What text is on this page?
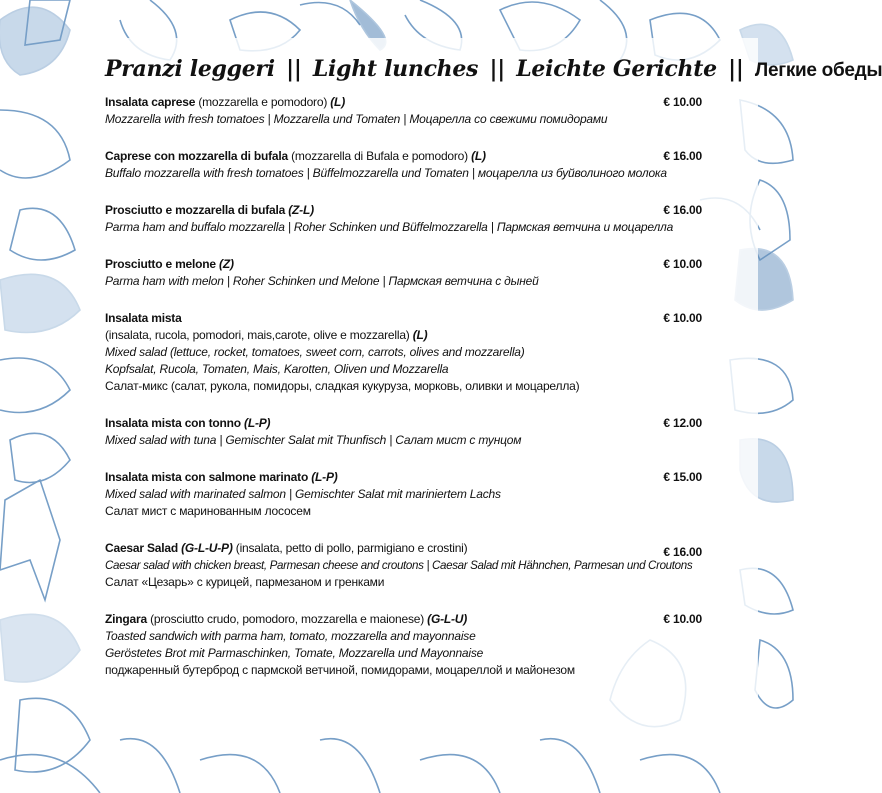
Pranzi leggeri || Light lunches || Leichte Gerichte || Легкие обеды
Insalata caprese (mozzarella e pomodoro) (L)	€ 10.00
Mozzarella with fresh tomatoes | Mozzarella und Tomaten | Моцарелла со свежими помидорами
Caprese con mozzarella di bufala (mozzarella di Bufala e pomodoro) (L)	€ 16.00
Buffalo mozzarella with fresh tomatoes | Büffelmozzarella und Tomaten | моцарелла из буйволиного молока
Prosciutto e mozzarella di bufala (Z-L)	€ 16.00
Parma ham and buffalo mozzarella | Roher Schinken und Büffelmozzarella | Пармская ветчина и моцарелла
Prosciutto e melone (Z)	€ 10.00
Parma ham with melon | Roher Schinken und Melone | Пармская ветчина с дыней
Insalata mista	€ 10.00
(insalata, rucola, pomodori, mais,carote, olive e mozzarella) (L)
Mixed salad (lettuce, rocket, tomatoes, sweet corn, carrots, olives and mozzarella)
Kopfsalat, Rucola, Tomaten, Mais, Karotten, Oliven und Mozzarella
Салат-микс (салат, рукола, помидоры, сладкая кукуруза, морковь, оливки и моцарелла)
Insalata mista con tonno (L-P)	€ 12.00
Mixed salad with tuna | Gemischter Salat mit Thunfisch | Салат мист с тунцом
Insalata mista con salmone marinato (L-P)	€ 15.00
Mixed salad with marinated salmon | Gemischter Salat mit mariniertem Lachs
Салат мист с маринованным лососем
Caesar Salad (G-L-U-P) (insalata, petto di pollo, parmigiano e crostini)	€ 16.00
Caesar salad with chicken breast, Parmesan cheese and croutons | Caesar Salad mit Hähnchen, Parmesan und Croutons
Салат «Цезарь» с курицей, пармезаном и гренками
Zingara (prosciutto crudo, pomodoro, mozzarella e maionese) (G-L-U)	€ 10.00
Toasted sandwich with parma ham, tomato, mozzarella and mayonnaise
Geröstetes Brot mit Parmaschinken, Tomate, Mozzarella und Mayonnaise
поджаренный бутерброд с пармской ветчиной, помидорами, моцареллой и майонезом
